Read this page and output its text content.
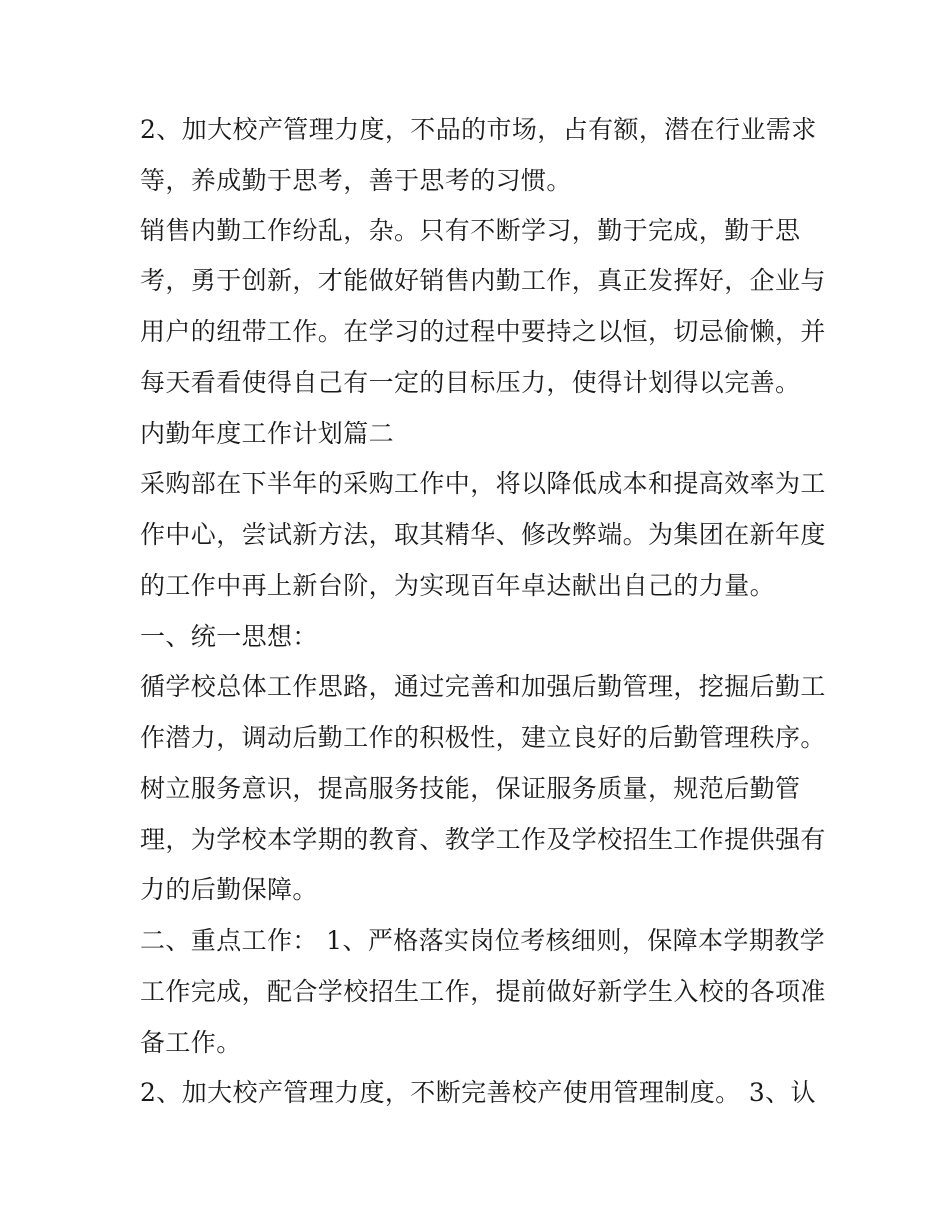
2、加大校产管理力度，不品的市场，占有额，潜在行业需求
等，养成勤于思考，善于思考的习惯。
销售内勤工作纷乱，杂。只有不断学习，勤于完成，勤于思
考，勇于创新，才能做好销售内勤工作，真正发挥好，企业与
用户的纽带工作。在学习的过程中要持之以恒，切忌偷懒，并
每天看看使得自己有一定的目标压力，使得计划得以完善。
内勤年度工作计划篇二
采购部在下半年的采购工作中，将以降低成本和提高效率为工
作中心，尝试新方法，取其精华、修改弊端。为集团在新年度
的工作中再上新台阶，为实现百年卓达献出自己的力量。
一、统一思想：
循学校总体工作思路，通过完善和加强后勤管理，挖掘后勤工
作潜力，调动后勤工作的积极性，建立良好的后勤管理秩序。
树立服务意识，提高服务技能，保证服务质量，规范后勤管
理，为学校本学期的教育、教学工作及学校招生工作提供强有
力的后勤保障。
二、重点工作： 1、严格落实岗位考核细则，保障本学期教学
工作完成，配合学校招生工作，提前做好新学生入校的各项准
备工作。
2、加大校产管理力度，不断完善校产使用管理制度。 3、认
